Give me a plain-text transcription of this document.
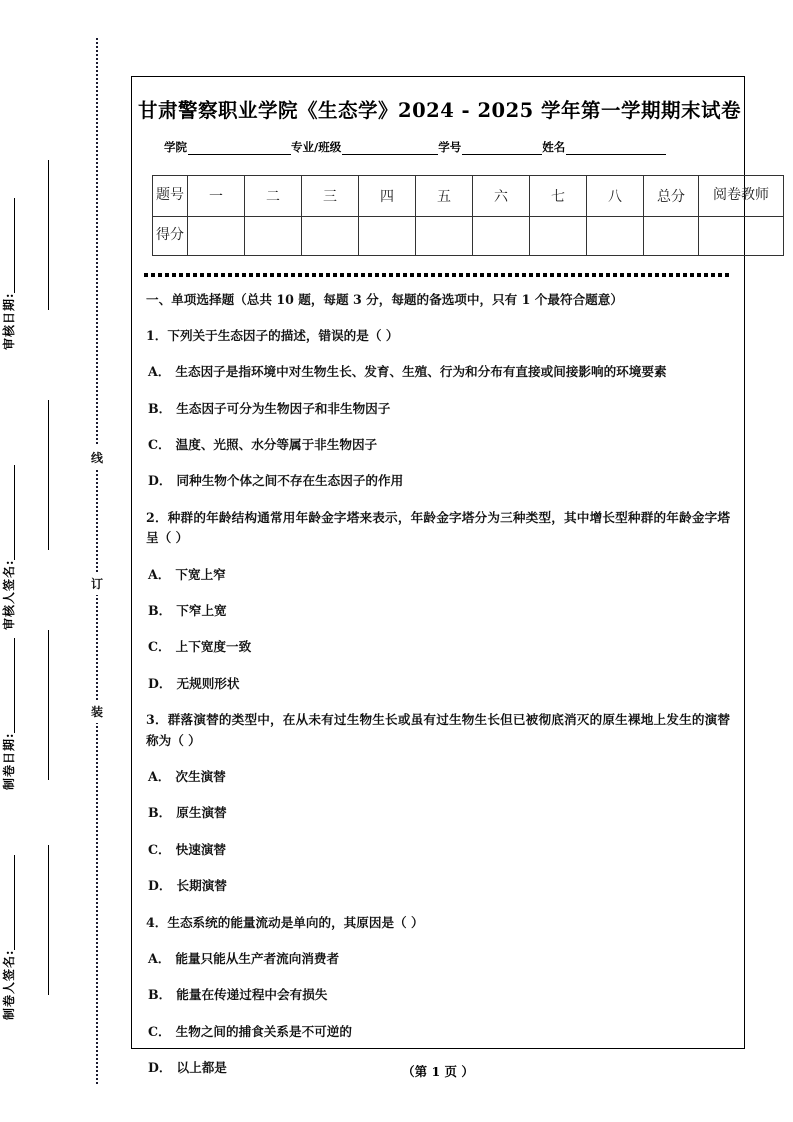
审核日期:
审核人签名:
制卷日期:
制卷人签名:
线
订
装
甘肃警察职业学院《生态学》2024 - 2025 学年第一学期期末试卷
学院	专业/班级	学号	姓名
题号	一	二	三	四	五	六	七	八	总分	阅卷教师
得分										
一、单项选择题（总共 10 题，每题 3 分，每题的备选项中，只有 1 个最符合题意）
1．下列关于生态因子的描述，错误的是（ ）
A． 生态因子是指环境中对生物生长、发育、生殖、行为和分布有直接或间接影响的环境要素
B． 生态因子可分为生物因子和非生物因子
C． 温度、光照、水分等属于非生物因子
D． 同种生物个体之间不存在生态因子的作用
2．种群的年龄结构通常用年龄金字塔来表示，年龄金字塔分为三种类型，其中增长型种群的年龄金字塔呈（ ）
A． 下宽上窄
B． 下窄上宽
C． 上下宽度一致
D． 无规则形状
3．群落演替的类型中，在从未有过生物生长或虽有过生物生长但已被彻底消灭的原生裸地上发生的演替称为（ ）
A． 次生演替
B． 原生演替
C． 快速演替
D． 长期演替
4．生态系统的能量流动是单向的，其原因是（ ）
A． 能量只能从生产者流向消费者
B． 能量在传递过程中会有损失
C． 生物之间的捕食关系是不可逆的
D． 以上都是	（第 1 页 ）
